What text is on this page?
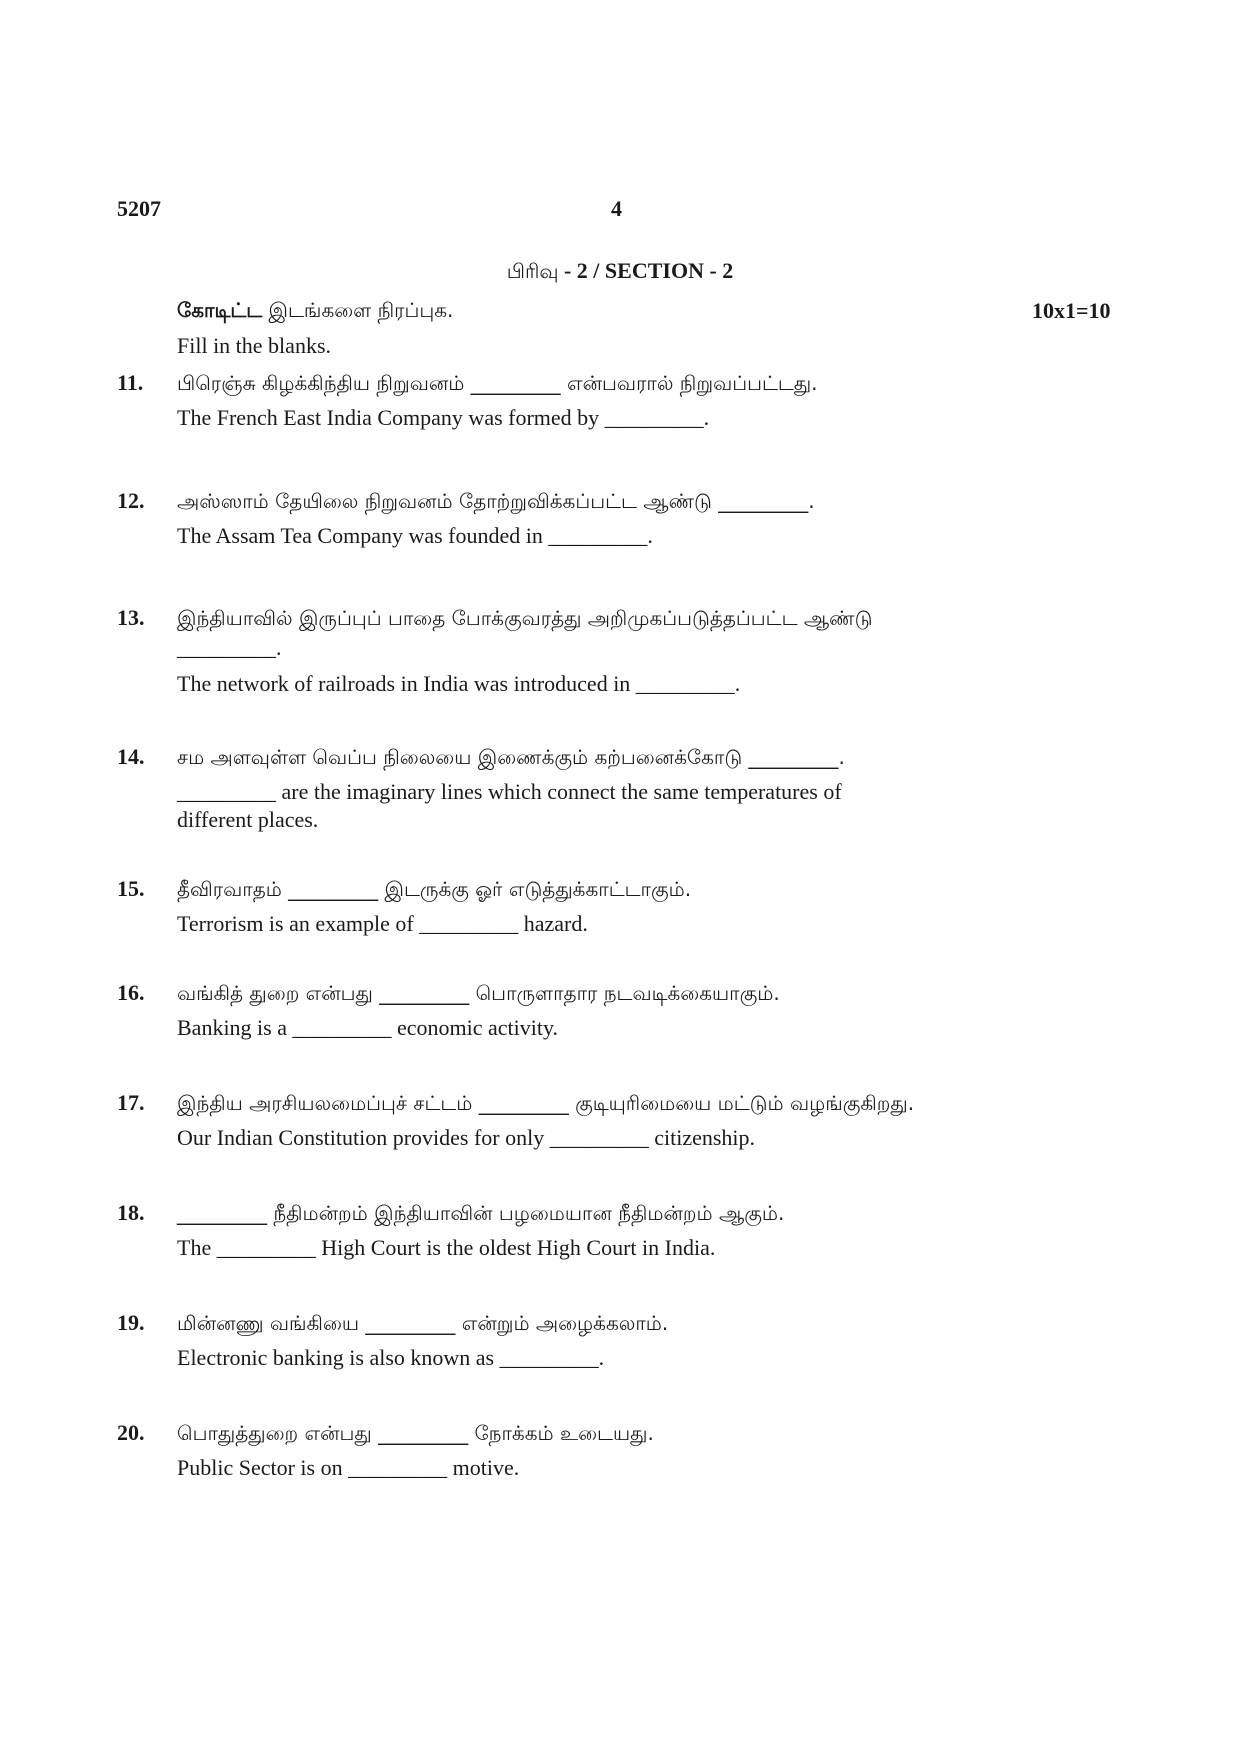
5207	4
பிரிவு - 2 / SECTION - 2
கோடிட்ட இடங்களை நிரப்புக.	10x1=10
Fill in the blanks.
11. பிரெஞ்சு கிழக்கிந்திய நிறுவனம் _________ என்பவரால் நிறுவப்பட்டது.
The French East India Company was formed by _________.
12. அஸ்ஸாம் தேயிலை நிறுவனம் தோற்றுவிக்கப்பட்ட ஆண்டு _________.
The Assam Tea Company was founded in _________.
13. இந்தியாவில் இருப்புப் பாதை போக்குவரத்து அறிமுகப்படுத்தப்பட்ட ஆண்டு
_________.
The network of railroads in India was introduced in _________.
14. சம அளவுள்ள வெப்ப நிலையை இணைக்கும் கற்பனைக்கோடு _________.
_________ are the imaginary lines which connect the same temperatures of
different places.
15. தீவிரவாதம் _________ இடருக்கு ஓர் எடுத்துக்காட்டாகும்.
Terrorism is an example of _________ hazard.
16. வங்கித் துறை என்பது _________ பொருளாதார நடவடிக்கையாகும்.
Banking is a _________ economic activity.
17. இந்திய அரசியலமைப்புச் சட்டம் _________ குடியுரிமையை மட்டும் வழங்குகிறது.
Our Indian Constitution provides for only _________ citizenship.
18. _________ நீதிமன்றம் இந்தியாவின் பழமையான நீதிமன்றம் ஆகும்.
The _________ High Court is the oldest High Court in India.
19. மின்னணு வங்கியை _________ என்றும் அழைக்கலாம்.
Electronic banking is also known as _________.
20. பொதுத்துறை என்பது _________ நோக்கம் உடையது.
Public Sector is on _________ motive.
